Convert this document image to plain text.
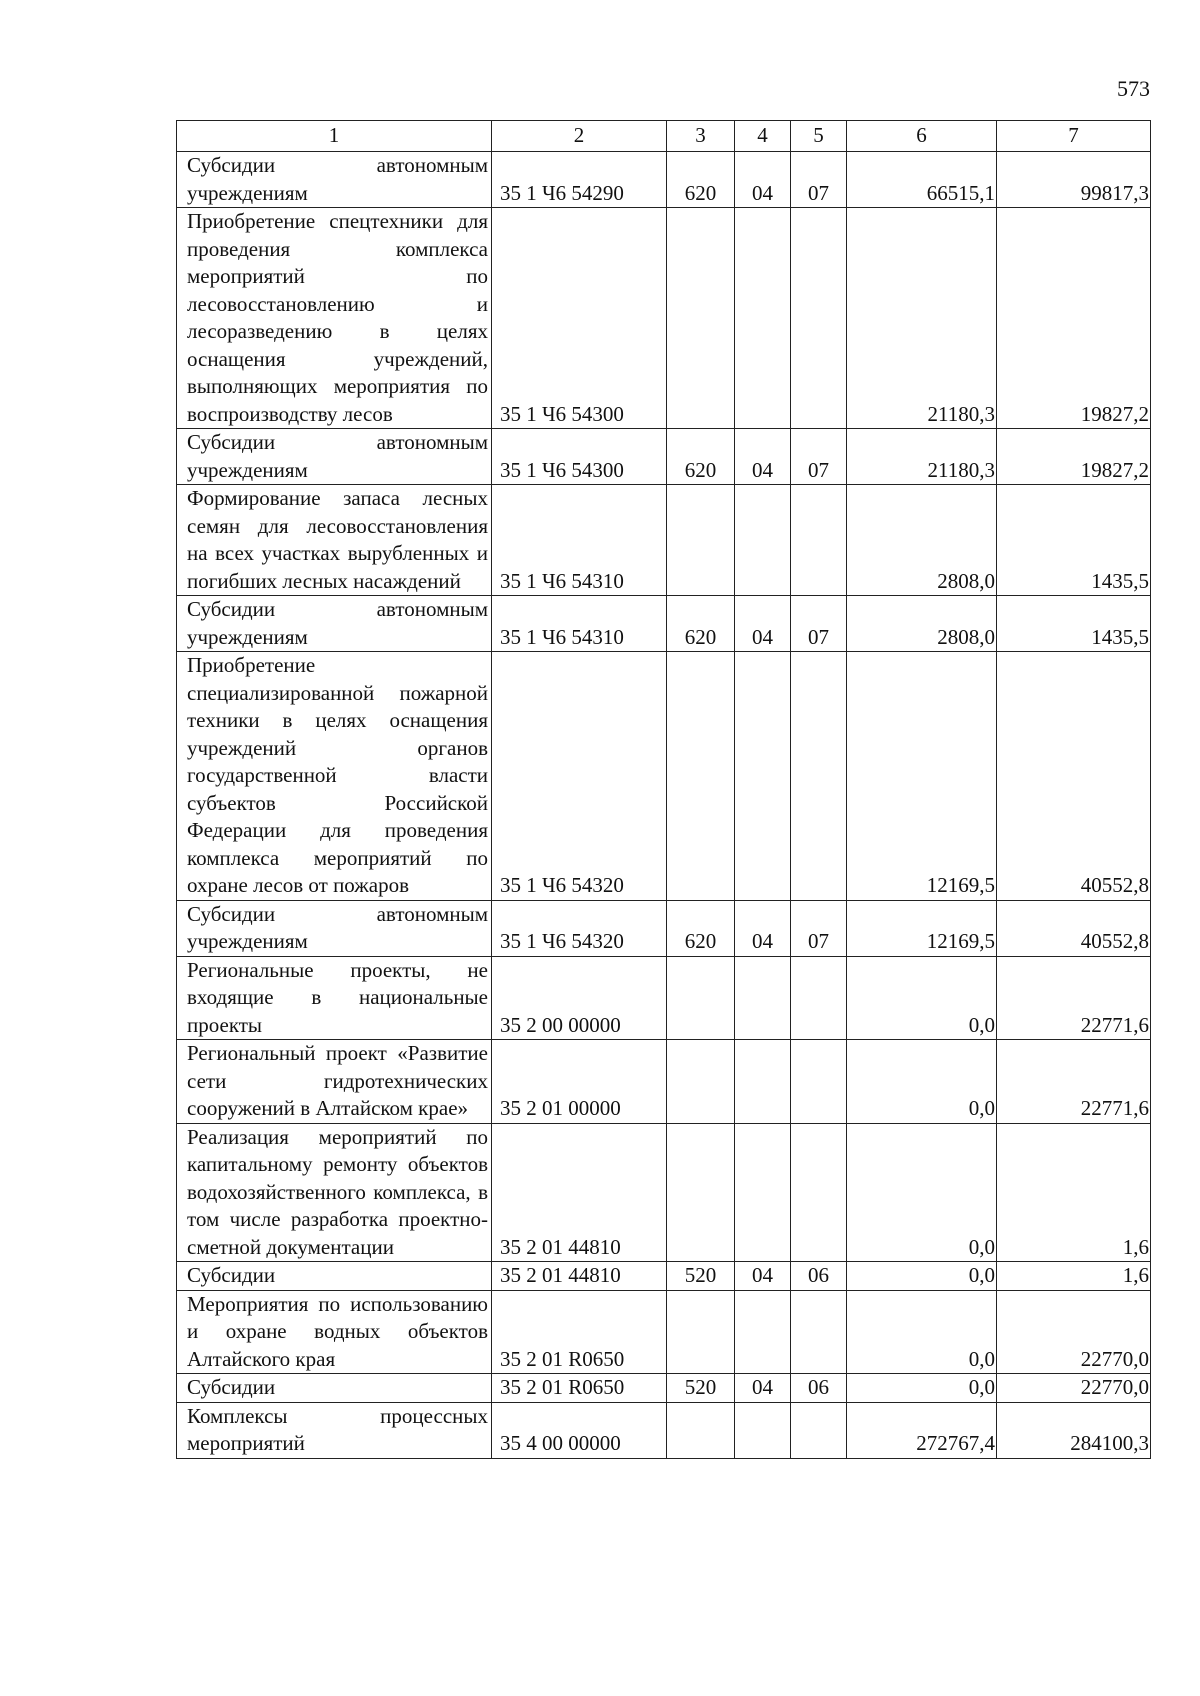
573
1	2	3	4	5	6	7
Субсидии автономным учреждениям	35 1 Ч6 54290	620	04	07	66515,1	99817,3
Приобретение спецтехники для проведения комплекса мероприятий по лесовосстановлению и лесоразведению в целях оснащения учреждений, выполняющих мероприятия по воспроизводству лесов	35 1 Ч6 54300				21180,3	19827,2
Субсидии автономным учреждениям	35 1 Ч6 54300	620	04	07	21180,3	19827,2
Формирование запаса лесных семян для лесовосстановления на всех участках вырубленных и погибших лесных насаждений	35 1 Ч6 54310				2808,0	1435,5
Субсидии автономным учреждениям	35 1 Ч6 54310	620	04	07	2808,0	1435,5
Приобретение специализированной пожарной техники в целях оснащения учреждений органов государственной власти субъектов Российской Федерации для проведения комплекса мероприятий по охране лесов от пожаров	35 1 Ч6 54320				12169,5	40552,8
Субсидии автономным учреждениям	35 1 Ч6 54320	620	04	07	12169,5	40552,8
Региональные проекты, не входящие в национальные проекты	35 2 00 00000				0,0	22771,6
Региональный проект «Развитие сети гидротехнических сооружений в Алтайском крае»	35 2 01 00000				0,0	22771,6
Реализация мероприятий по капитальному ремонту объектов водохозяйственного комплекса, в том числе разработка проектно-сметной документации	35 2 01 44810				0,0	1,6
Субсидии	35 2 01 44810	520	04	06	0,0	1,6
Мероприятия по использованию и охране водных объектов Алтайского края	35 2 01 R0650				0,0	22770,0
Субсидии	35 2 01 R0650	520	04	06	0,0	22770,0
Комплексы процессных мероприятий	35 4 00 00000				272767,4	284100,3
